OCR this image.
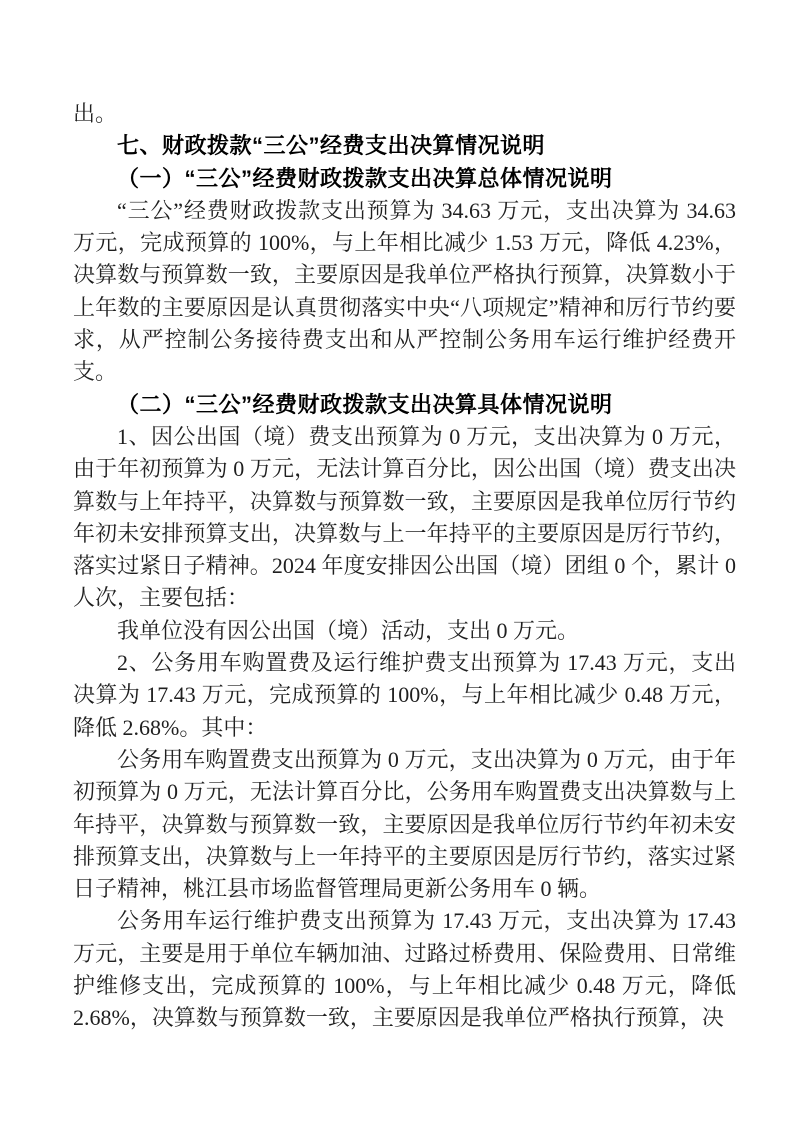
出。

七、财政拨款“三公”经费支出决算情况说明
（一）“三公”经费财政拨款支出决算总体情况说明

“三公”经费财政拨款支出预算为 34.63 万元，支出决算为 34.63 万元，完成预算的 100%，与上年相比减少 1.53 万元，降低 4.23%，决算数与预算数一致，主要原因是我单位严格执行预算，决算数小于上年数的主要原因是认真贯彻落实中央“八项规定”精神和厉行节约要求，从严控制公务接待费支出和从严控制公务用车运行维护经费开支。

（二）“三公”经费财政拨款支出决算具体情况说明

1、因公出国（境）费支出预算为 0 万元，支出决算为 0 万元，由于年初预算为 0 万元，无法计算百分比，因公出国（境）费支出决算数与上年持平，决算数与预算数一致，主要原因是我单位厉行节约年初未安排预算支出，决算数与上一年持平的主要原因是厉行节约，落实过紧日子精神。2024 年度安排因公出国（境）团组 0 个，累计 0 人次，主要包括：

我单位没有因公出国（境）活动，支出 0 万元。

2、公务用车购置费及运行维护费支出预算为 17.43 万元，支出决算为 17.43 万元，完成预算的 100%，与上年相比减少 0.48 万元，降低 2.68%。其中：

公务用车购置费支出预算为 0 万元，支出决算为 0 万元，由于年初预算为 0 万元，无法计算百分比，公务用车购置费支出决算数与上年持平，决算数与预算数一致，主要原因是我单位厉行节约年初未安排预算支出，决算数与上一年持平的主要原因是厉行节约，落实过紧日子精神，桃江县市场监督管理局更新公务用车 0 辆。

公务用车运行维护费支出预算为 17.43 万元，支出决算为 17.43 万元，主要是用于单位车辆加油、过路过桥费用、保险费用、日常维护维修支出，完成预算的 100%，与上年相比减少 0.48 万元，降低 2.68%，决算数与预算数一致，主要原因是我单位严格执行预算，决
